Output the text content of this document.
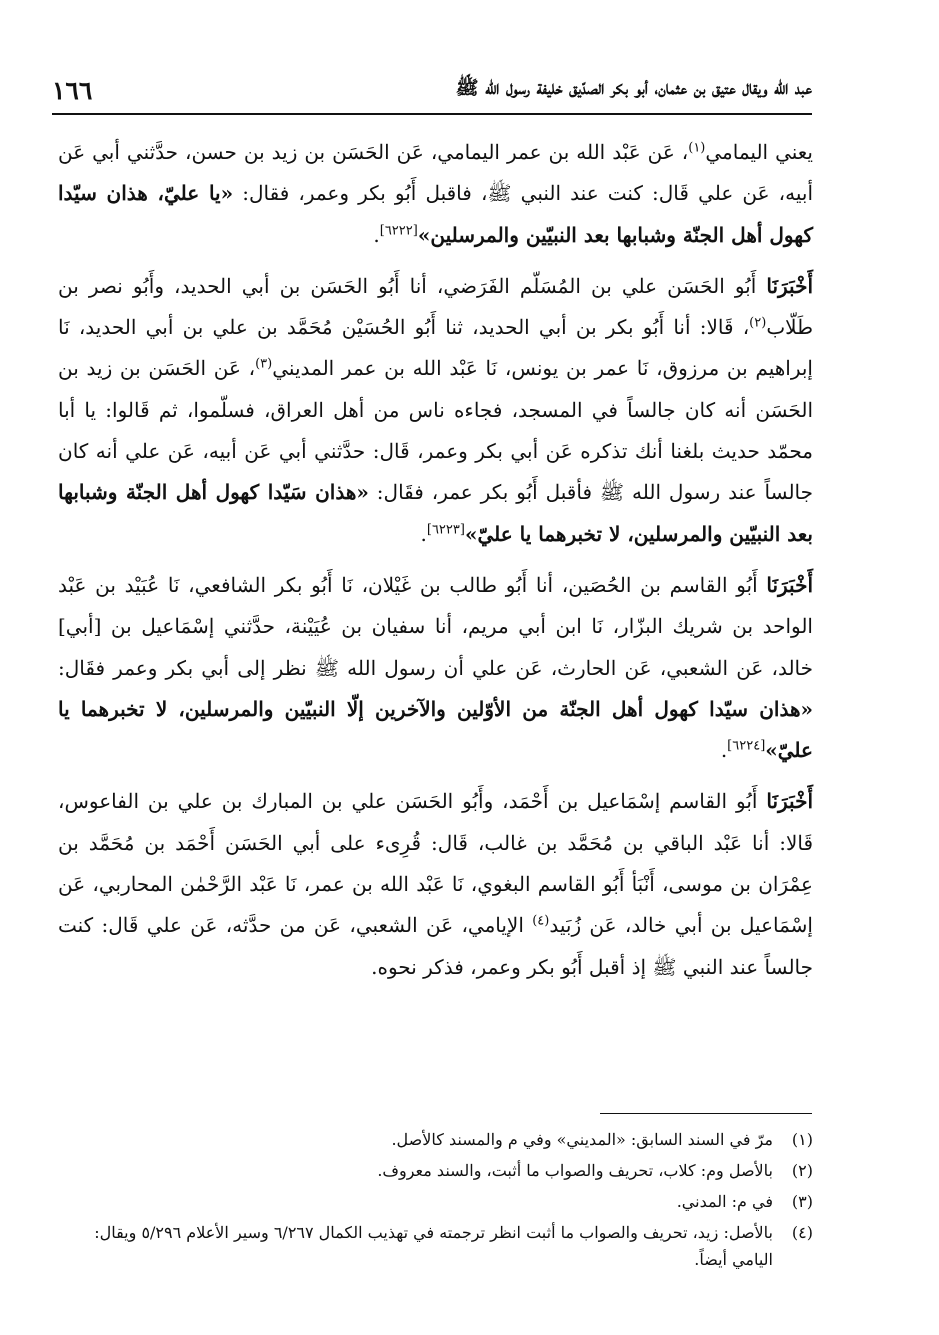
١٦٦	عبد الله ويقال عتيق بن عثمان، أبو بكر الصدّيق خليفة رسول الله ﷺ

يعني اليمامي$^{(١)}$، عَن عَبْد الله بن عمر اليمامي، عَن الحَسَن بن زيد بن حسن، حدَّثني أبي عَن أبيه، عَن علي قَال: كنت عند النبي ﷺ، فاقبل أَبُو بكر وعمر، فقال: «يا عليّ، هذان سيّدا كهول أهل الجنّة وشبابها بعد النبيّين والمرسلين»[٦٢٢٢].

أَخْبَرَنَا أَبُو الحَسَن علي بن المُسَلّم الفَرَضي، أنا أَبُو الحَسَن بن أبي الحديد، وأَبُو نصر بن طَلّاب$^{(٢)}$، قَالا: أنا أَبُو بكر بن أبي الحديد، ثنا أَبُو الحُسَيْن مُحَمَّد بن علي بن أبي الحديد، نَا إبراهيم بن مرزوق، نَا عمر بن يونس، نَا عَبْد الله بن عمر المديني$^{(٣)}$، عَن الحَسَن بن زيد بن الحَسَن أنه كان جالساً في المسجد، فجاءه ناس من أهل العراق، فسلّموا، ثم قَالوا: يا أبا محمّد حديث بلغنا أنك تذكره عَن أبي بكر وعمر، قَال: حدَّثني أبي عَن أبيه، عَن علي أنه كان جالساً عند رسول الله ﷺ فأقبل أَبُو بكر عمر، فقَال: «هذان سَيّدا كهول أهل الجنّة وشبابها بعد النبيّين والمرسلين، لا تخبرهما يا عليّ»[٦٢٢٣].

أَخْبَرَنَا أَبُو القاسم بن الحُصَين، أنا أَبُو طالب بن غَيْلان، نَا أَبُو بكر الشافعي، نَا عُبَيْد بن عَبْد الواحد بن شريك البزّار، نَا ابن أبي مريم، أنا سفيان بن عُيَيْنة، حدَّثني إسْمَاعيل بن [أبي] خالد، عَن الشعبي، عَن الحارث، عَن علي أن رسول الله ﷺ نظر إلى أبي بكر وعمر فقَال: «هذان سيّدا كهول أهل الجنّة من الأوّلين والآخرين إلّا النبيّين والمرسلين، لا تخبرهما يا عليّ»[٦٢٢٤].

أَخْبَرَنَا أَبُو القاسم إسْمَاعيل بن أَحْمَد، وأَبُو الحَسَن علي بن المبارك بن علي بن الفاعوس، قَالا: أنا عَبْد الباقي بن مُحَمَّد بن غالب، قَال: قُرِىء على أبي الحَسَن أَحْمَد بن مُحَمَّد بن عِمْرَان بن موسى، أَنْبَأ أَبُو القاسم البغوي، نَا عَبْد الله بن عمر، نَا عَبْد الرَّحْمٰن المحاربي، عَن إسْمَاعيل بن أبي خالد، عَن زُبَيد$^{(٤)}$ الإيامي، عَن الشعبي، عَن من حدَّثه، عَن علي قَال: كنت جالساً عند النبي ﷺ إذ أقبل أَبُو بكر وعمر، فذكر نحوه.

(١)
مرّ في السند السابق: «المديني» وفي م والمسند كالأصل.
(٢)
بالأصل وم: كلاب، تحريف والصواب ما أثبت، والسند معروف.
(٣)
في م: المدني.
(٤)
بالأصل: زيد، تحريف والصواب ما أثبت انظر ترجمته في تهذيب الكمال ٦/٢٦٧ وسير الأعلام ٥/٢٩٦ ويقال: اليامي أيضاً.
